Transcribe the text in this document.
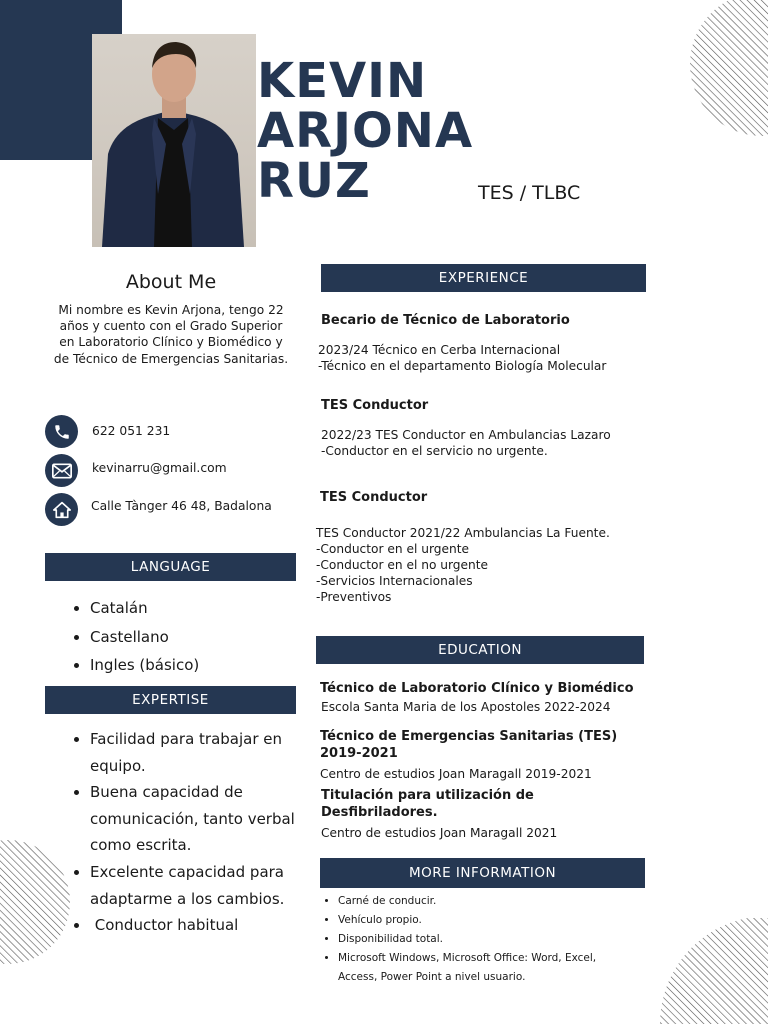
KEVIN
ARJONA
RUZ	TES / TLBC
About Me
Mi nombre es Kevin Arjona, tengo 22 años y cuento con el Grado Superior en Laboratorio Clínico y Biomédico y de Técnico de Emergencias Sanitarias.
622 051 231
kevinarru@gmail.com
Calle Tànger 46 48, Badalona
LANGUAGE
• Catalán
• Castellano
• Ingles (básico)
EXPERTISE
• Facilidad para trabajar en equipo.
• Buena capacidad de comunicación, tanto verbal como escrita.
• Excelente capacidad para adaptarme a los cambios.
•  Conductor habitual
EXPERIENCE
Becario de Técnico de Laboratorio
2023/24 Técnico en Cerba Internacional
-Técnico en el departamento Biología Molecular
TES Conductor
2022/23 TES Conductor en Ambulancias Lazaro
-Conductor en el servicio no urgente.
TES Conductor
TES Conductor 2021/22 Ambulancias La Fuente.
-Conductor en el urgente
-Conductor en el no urgente
-Servicios Internacionales
-Preventivos
EDUCATION
Técnico de Laboratorio Clínico y Biomédico
Escola Santa Maria de los Apostoles 2022-2024
Técnico de Emergencias Sanitarias (TES) 2019-2021
Centro de estudios Joan Maragall 2019-2021
Titulación para utilización de Desfibriladores.
Centro de estudios Joan Maragall 2021
MORE INFORMATION
• Carné de conducir.
• Vehículo propio.
• Disponibilidad total.
• Microsoft Windows, Microsoft Office: Word, Excel, Access, Power Point a nivel usuario.
